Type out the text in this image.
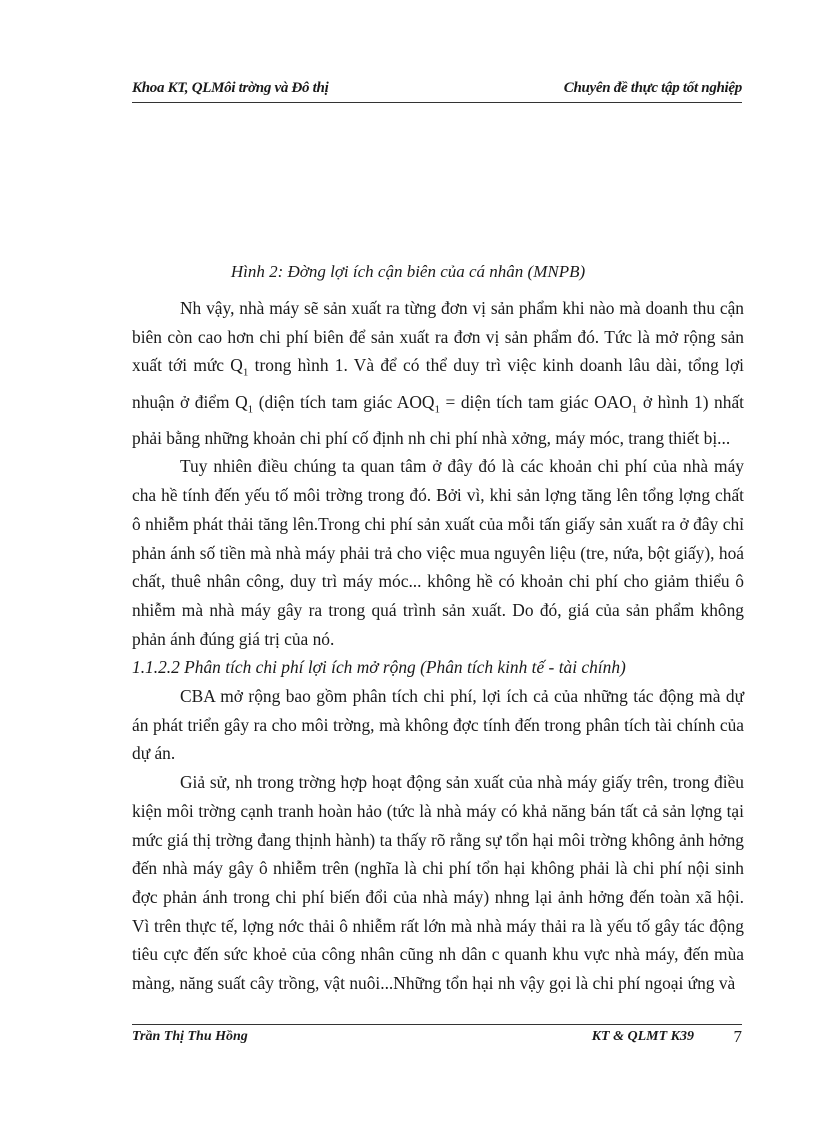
Khoa KT, QLMôi trờng và Đô thị	Chuyên đề thực tập tốt nghiệp
Hình 2: Đờng lợi ích cận biên của cá nhân (MNPB)

Nh vậy, nhà máy sẽ sản xuất ra từng đơn vị sản phẩm khi nào mà doanh thu cận biên còn cao hơn chi phí biên để sản xuất ra đơn vị sản phẩm đó. Tức là mở rộng sản xuất tới mức $Q_1$ trong hình 1. Và để có thể duy trì việc kinh doanh lâu dài, tổng lợi nhuận ở điểm $Q_1$ (diện tích tam giác $AOQ_1$ = diện tích tam giác $OAO_1$ ở hình 1) nhất phải bằng những khoản chi phí cố định nh chi phí nhà xởng, máy móc, trang thiết bị...

Tuy nhiên điều chúng ta quan tâm ở đây đó là các khoản chi phí của nhà máy cha hề tính đến yếu tố môi trờng trong đó. Bởi vì, khi sản lợng tăng lên tổng lợng chất ô nhiễm phát thải tăng lên.Trong chi phí sản xuất của mỗi tấn giấy sản xuất ra ở đây chỉ phản ánh số tiền mà nhà máy phải trả cho việc mua nguyên liệu (tre, nứa, bột giấy), hoá chất, thuê nhân công, duy trì máy móc... không hề có khoản chi phí cho giảm thiểu ô nhiễm mà nhà máy gây ra trong quá trình sản xuất. Do đó, giá của sản phẩm không phản ánh đúng giá trị của nó.

1.1.2.2 Phân tích chi phí lợi ích mở rộng (Phân tích kinh tế - tài chính)

CBA mở rộng bao gồm phân tích chi phí, lợi ích cả của những tác động mà dự án phát triển gây ra cho môi trờng, mà không đợc tính đến trong phân tích tài chính của dự án.

Giả sử, nh trong trờng hợp hoạt động sản xuất của nhà máy giấy trên, trong điều kiện môi trờng cạnh tranh hoàn hảo (tức là nhà máy có khả năng bán tất cả sản lợng tại mức giá thị trờng đang thịnh hành) ta thấy rõ rằng sự tổn hại môi trờng không ảnh hởng đến nhà máy gây ô nhiễm trên (nghĩa là chi phí tổn hại không phải là chi phí nội sinh đợc phản ánh trong chi phí biến đổi của nhà máy) nhng lại ảnh hởng đến toàn xã hội. Vì trên thực tế, lợng nớc thải ô nhiễm rất lớn mà nhà máy thải ra là yếu tố gây tác động tiêu cực đến sức khoẻ của công nhân cũng nh dân c quanh khu vực nhà máy, đến mùa màng, năng suất cây trồng, vật nuôi...Những tổn hại nh vậy gọi là chi phí ngoại ứng và

Trần Thị Thu Hồng	KT & QLMT K39 7
